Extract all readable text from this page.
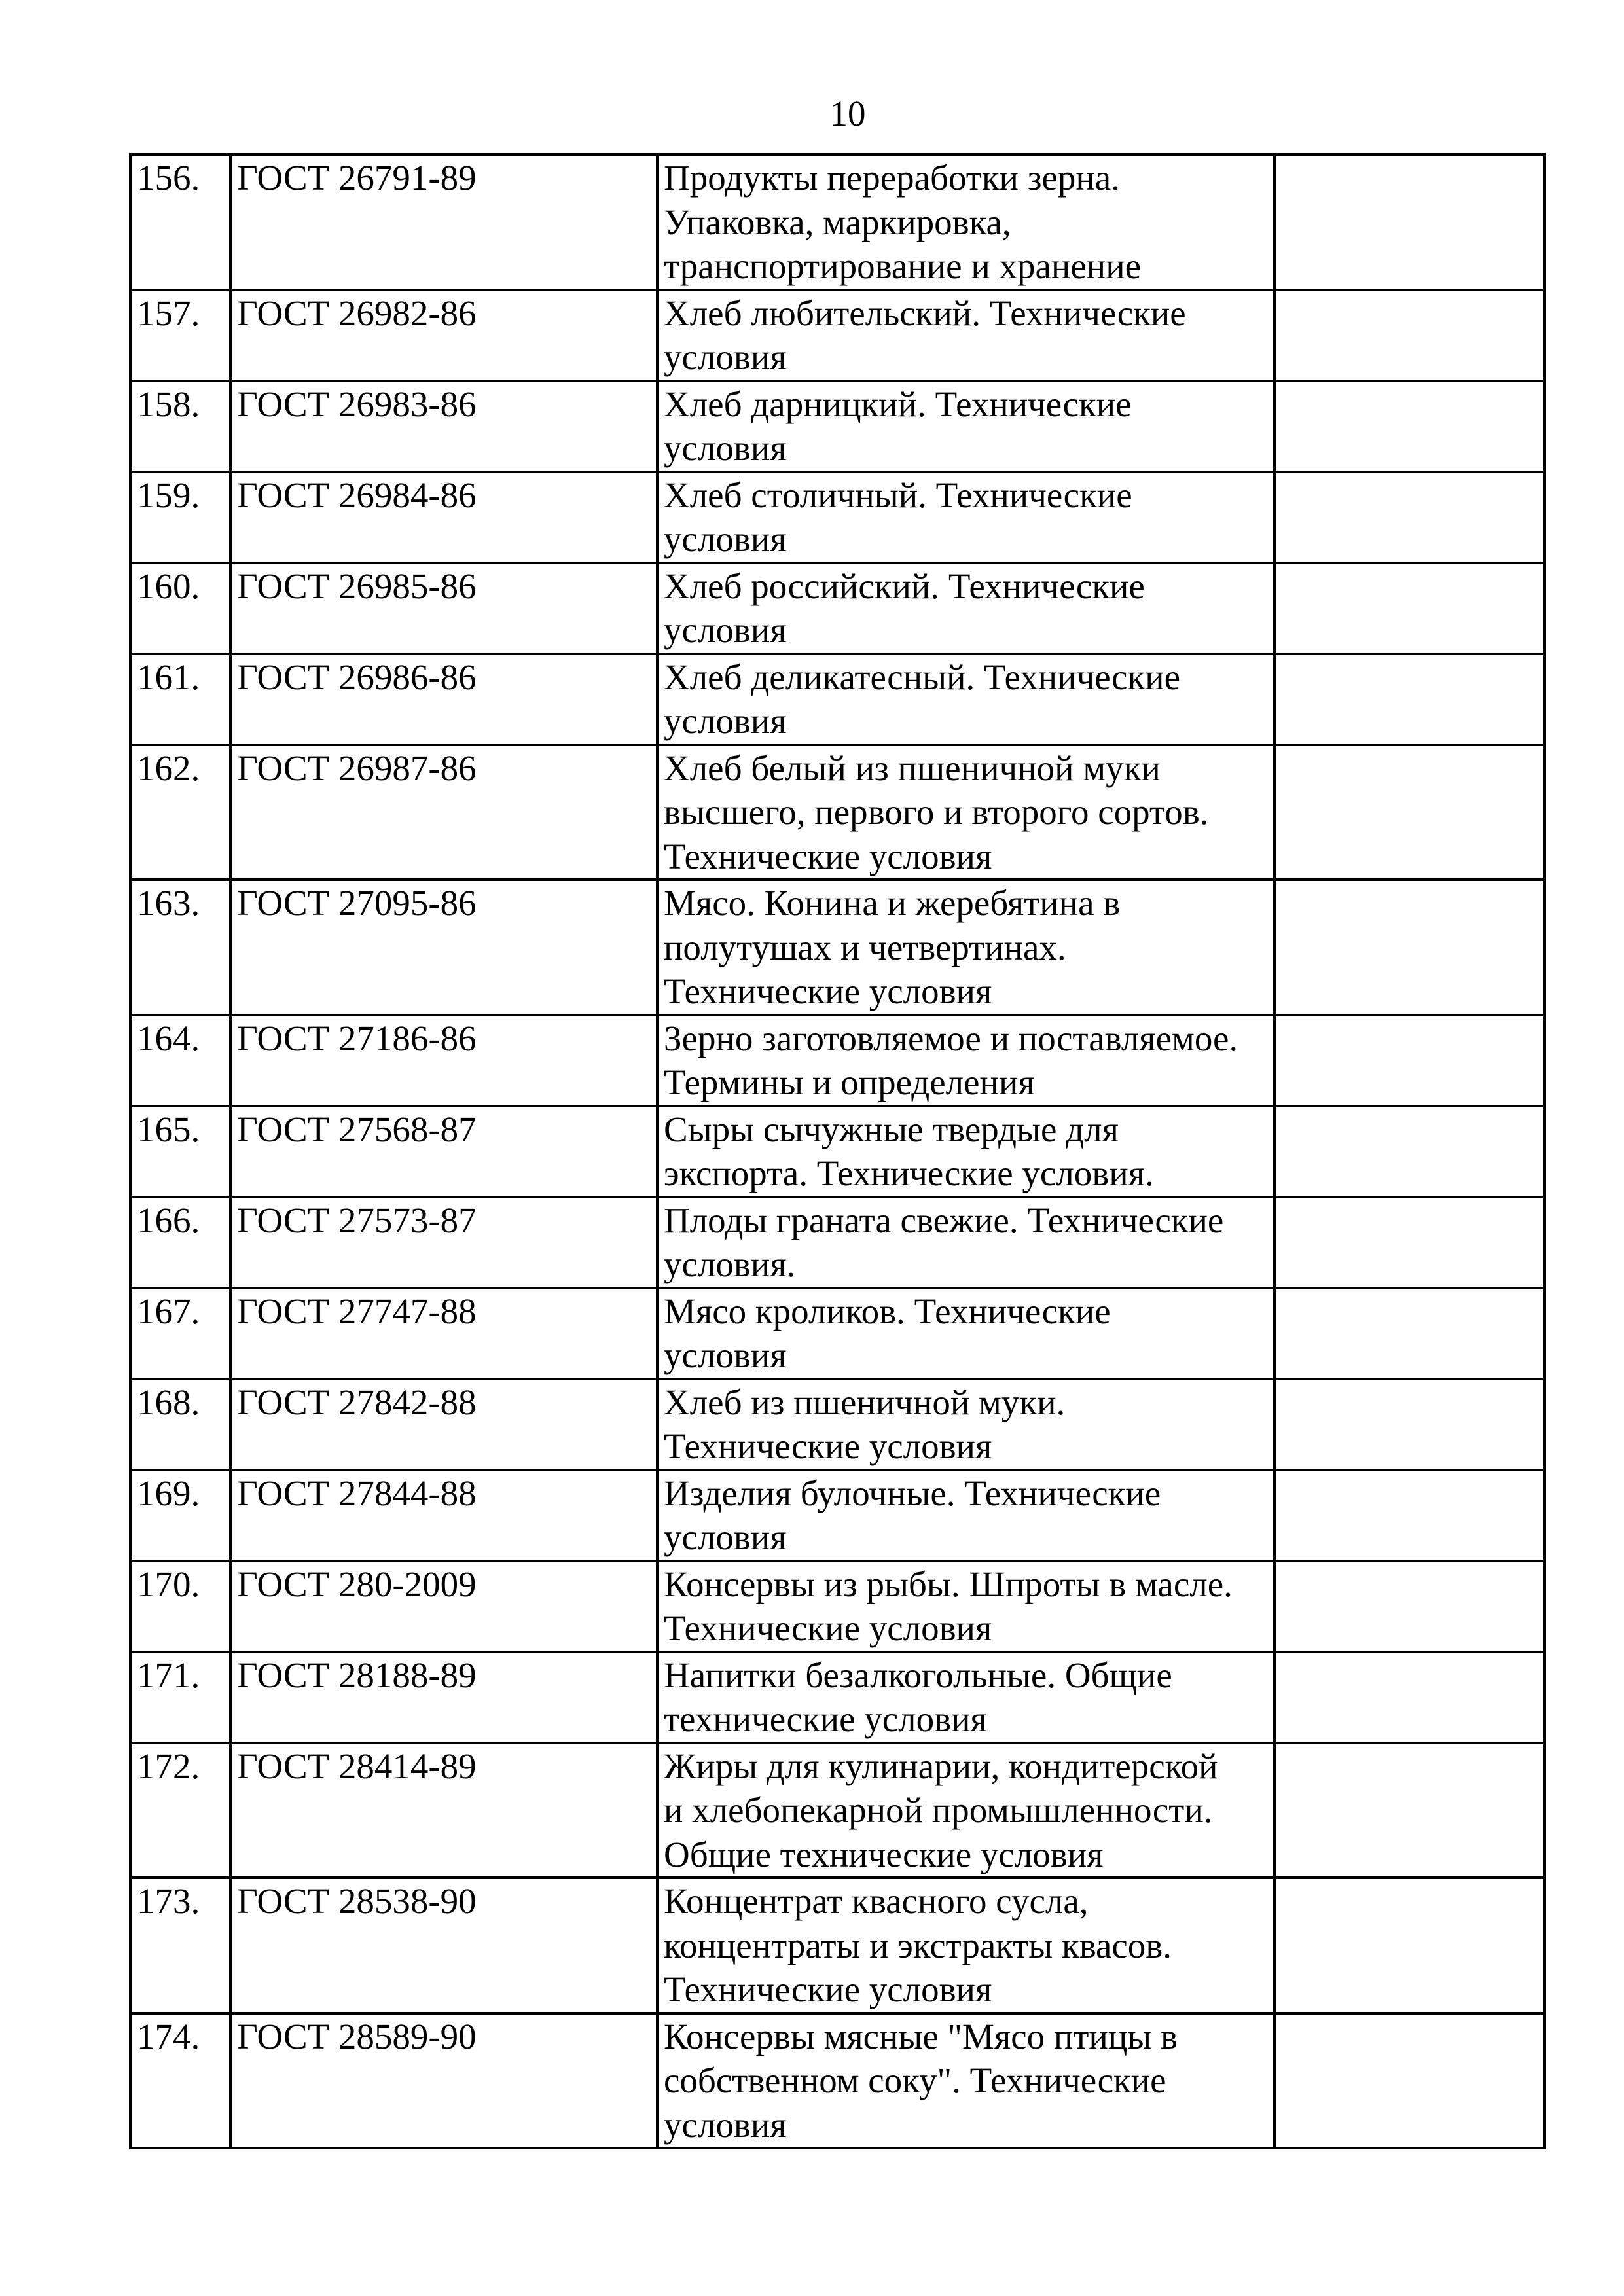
10
156.	ГОСТ 26791-89	Продукты переработки зерна.
Упаковка, маркировка,
транспортирование и хранение	
157.	ГОСТ 26982-86	Хлеб любительский. Технические
условия	
158.	ГОСТ 26983-86	Хлеб дарницкий. Технические
условия	
159.	ГОСТ 26984-86	Хлеб столичный. Технические
условия	
160.	ГОСТ 26985-86	Хлеб российский. Технические
условия	
161.	ГОСТ 26986-86	Хлеб деликатесный. Технические
условия	
162.	ГОСТ 26987-86	Хлеб белый из пшеничной муки
высшего, первого и второго сортов.
Технические условия	
163.	ГОСТ 27095-86	Мясо. Конина и жеребятина в
полутушах и четвертинах.
Технические условия	
164.	ГОСТ 27186-86	Зерно заготовляемое и поставляемое.
Термины и определения	
165.	ГОСТ 27568-87	Сыры сычужные твердые для
экспорта. Технические условия.	
166.	ГОСТ 27573-87	Плоды граната свежие. Технические
условия.	
167.	ГОСТ 27747-88	Мясо кроликов. Технические
условия	
168.	ГОСТ 27842-88	Хлеб из пшеничной муки.
Технические условия	
169.	ГОСТ 27844-88	Изделия булочные. Технические
условия	
170.	ГОСТ 280-2009	Консервы из рыбы. Шпроты в масле.
Технические условия	
171.	ГОСТ 28188-89	Напитки безалкогольные. Общие
технические условия	
172.	ГОСТ 28414-89	Жиры для кулинарии, кондитерской
и хлебопекарной промышленности.
Общие технические условия	
173.	ГОСТ 28538-90	Концентрат квасного сусла,
концентраты и экстракты квасов.
Технические условия	
174.	ГОСТ 28589-90	Консервы мясные "Мясо птицы в
собственном соку". Технические
условия	
